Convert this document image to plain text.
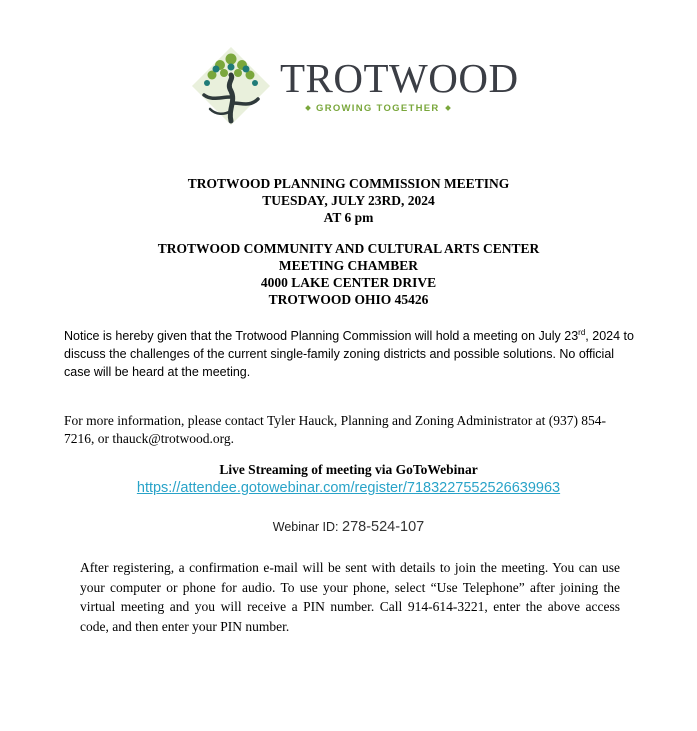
TROTWOOD
GROWING TOGETHER
TROTWOOD PLANNING COMMISSION MEETING
TUESDAY, JULY 23RD, 2024
AT 6 pm
TROTWOOD COMMUNITY AND CULTURAL ARTS CENTER
MEETING CHAMBER
4000 LAKE CENTER DRIVE
TROTWOOD OHIO 45426
Notice is hereby given that the Trotwood Planning Commission will hold a meeting on July 23rd, 2024 to discuss the challenges of the current single-family zoning districts and possible solutions. No official case will be heard at the meeting.
For more information, please contact Tyler Hauck, Planning and Zoning Administrator at (937) 854-7216, or thauck@trotwood.org.
Live Streaming of meeting via GoToWebinar
https://attendee.gotowebinar.com/register/7183227552526639963
Webinar ID: 278-524-107
After registering, a confirmation e-mail will be sent with details to join the meeting. You can use your computer or phone for audio. To use your phone, select “Use Telephone” after joining the virtual meeting and you will receive a PIN number. Call 914-614-3221, enter the above access code, and then enter your PIN number.
